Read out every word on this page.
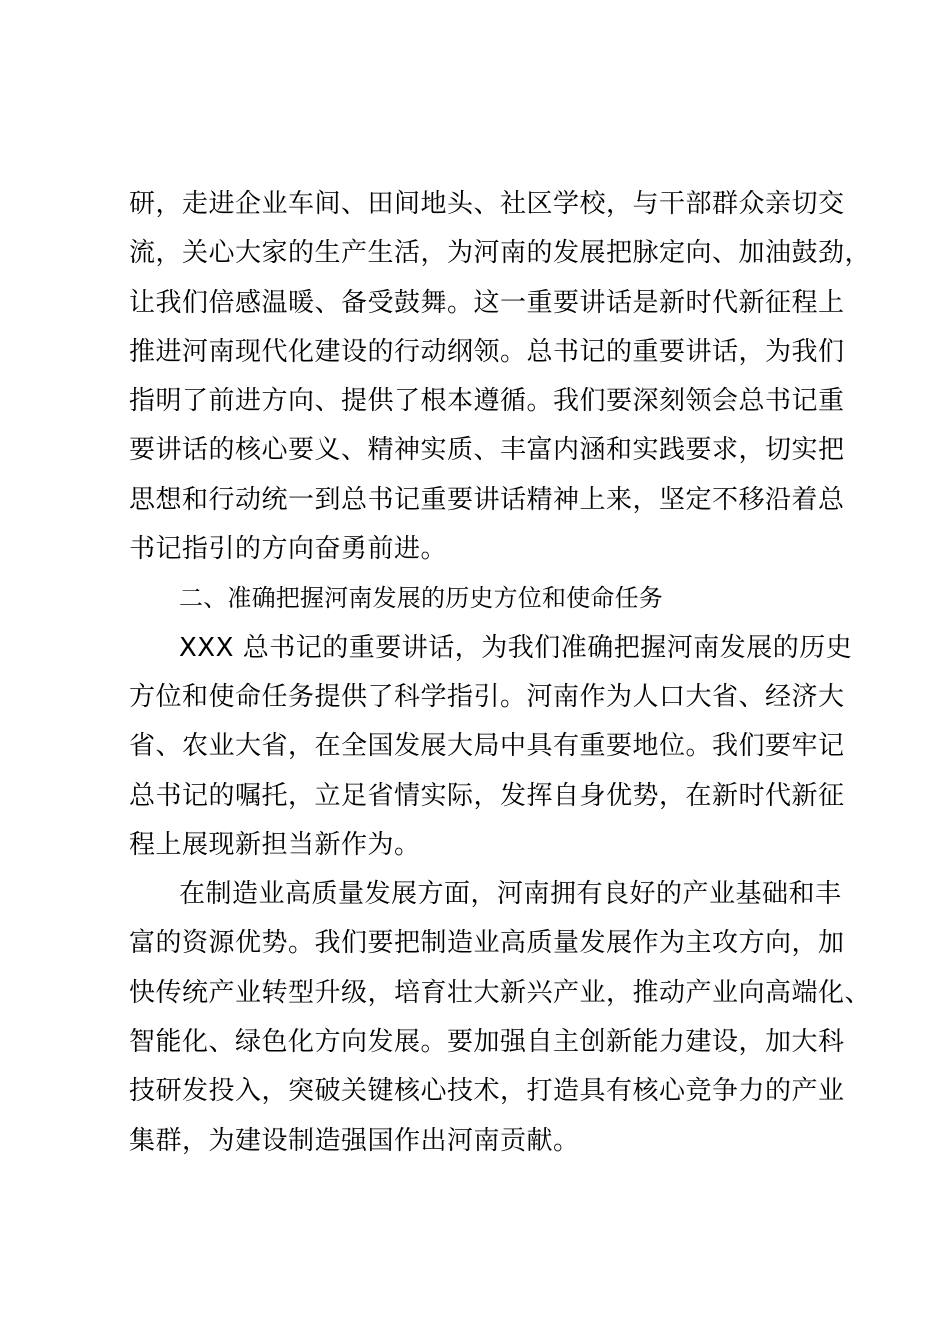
研，走进企业车间、田间地头、社区学校，与干部群众亲切交
流，关心大家的生产生活，为河南的发展把脉定向、加油鼓劲，
让我们倍感温暖、备受鼓舞。这一重要讲话是新时代新征程上
推进河南现代化建设的行动纲领。总书记的重要讲话，为我们
指明了前进方向、提供了根本遵循。我们要深刻领会总书记重
要讲话的核心要义、精神实质、丰富内涵和实践要求，切实把
思想和行动统一到总书记重要讲话精神上来，坚定不移沿着总
书记指引的方向奋勇前进。
二、准确把握河南发展的历史方位和使命任务
XXX 总书记的重要讲话，为我们准确把握河南发展的历史
方位和使命任务提供了科学指引。河南作为人口大省、经济大
省、农业大省，在全国发展大局中具有重要地位。我们要牢记
总书记的嘱托，立足省情实际，发挥自身优势，在新时代新征
程上展现新担当新作为。
在制造业高质量发展方面，河南拥有良好的产业基础和丰
富的资源优势。我们要把制造业高质量发展作为主攻方向，加
快传统产业转型升级，培育壮大新兴产业，推动产业向高端化、
智能化、绿色化方向发展。要加强自主创新能力建设，加大科
技研发投入，突破关键核心技术，打造具有核心竞争力的产业
集群，为建设制造强国作出河南贡献。
